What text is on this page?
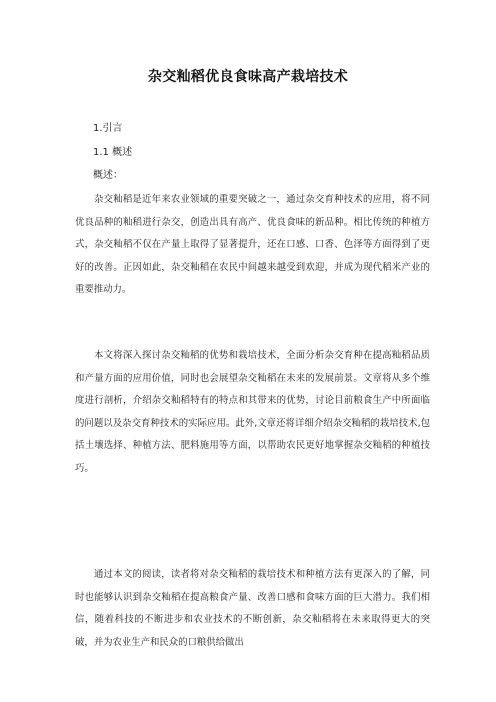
杂交籼稻优良食味高产栽培技术
1.引言
1.1 概述
概述：

杂交籼稻是近年来农业领域的重要突破之一，通过杂交育种技术的应用，将不同优良品种的籼稻进行杂交，创造出具有高产、优良食味的新品种。相比传统的种植方式，杂交籼稻不仅在产量上取得了显著提升，还在口感、口香、色泽等方面得到了更好的改善。正因如此，杂交籼稻在农民中间越来越受到欢迎，并成为现代稻米产业的重要推动力。

本文将深入探讨杂交籼稻的优势和栽培技术，全面分析杂交育种在提高籼稻品质和产量方面的应用价值，同时也会展望杂交籼稻在未来的发展前景。文章将从多个维度进行剖析，介绍杂交籼稻特有的特点和其带来的优势，讨论目前粮食生产中所面临的问题以及杂交育种技术的实际应用。此外,文章还将详细介绍杂交籼稻的栽培技术,包括土壤选择、种植方法、肥料施用等方面，以帮助农民更好地掌握杂交籼稻的种植技巧。

通过本文的阅读，读者将对杂交籼稻的栽培技术和种植方法有更深入的了解，同时也能够认识到杂交籼稻在提高粮食产量、改善口感和食味方面的巨大潜力。我们相信，随着科技的不断进步和农业技术的不断创新，杂交籼稻将在未来取得更大的突破，并为农业生产和民众的口粮供给做出
